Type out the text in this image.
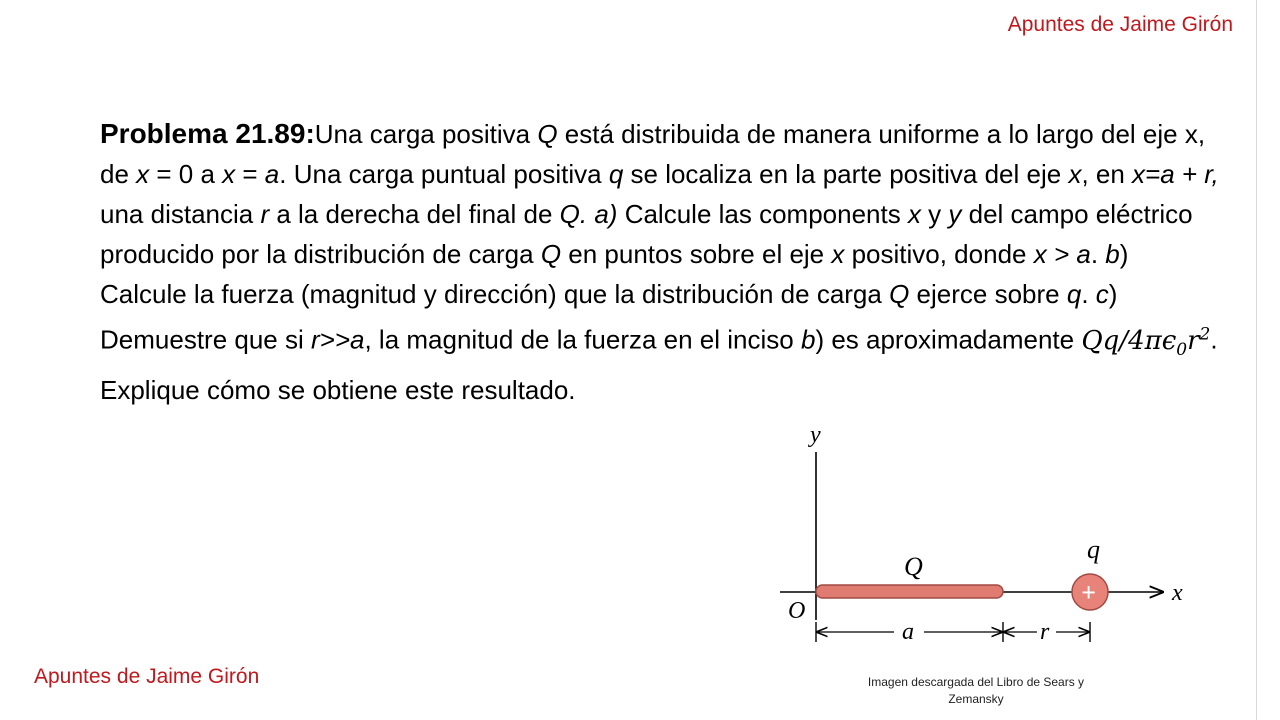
Apuntes de Jaime Girón
Problema 21.89:Una carga positiva Q está distribuida de manera uniforme a lo largo del eje x, de x = 0 a x = a. Una carga puntual positiva q se localiza en la parte positiva del eje x, en x=a + r, una distancia r a la derecha del final de Q. a) Calcule las components x y y del campo eléctrico producido por la distribución de carga Q en puntos sobre el eje x positivo, donde x > a. b) Calcule la fuerza (magnitud y dirección) que la distribución de carga Q ejerce sobre q. c) Demuestre que si r>>a, la magnitud de la fuerza en el inciso b) es aproximadamente $Qq/4\pi\epsilon_0r^2$. Explique cómo se obtiene este resultado.
y
x
O
Q
+
q
a	r
Imagen descargada del Libro de Sears y Zemansky
Apuntes de Jaime Girón
